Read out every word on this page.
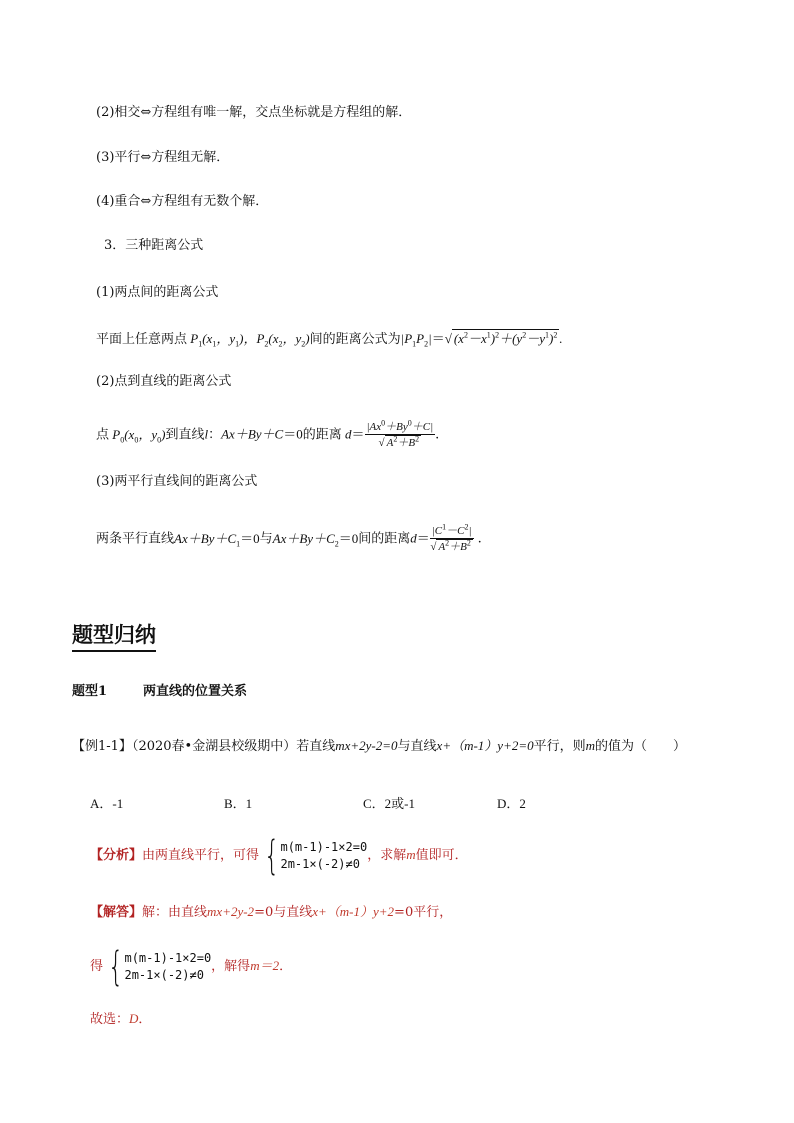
(2)相交⇔方程组有唯一解，交点坐标就是方程组的解．
(3)平行⇔方程组无解．
(4)重合⇔方程组有无数个解．
3．三种距离公式
(1)两点间的距离公式
平面上任意两点 $P_1(x_1$，$y_1$)，$P_2(x_2$，$y_2$)间的距离公式为$|P_1P_2|=√$ $(x^2-x^1)^2+(y^2-y^1)^2$ .
(2)点到直线的距离公式
点 $P_0(x_0$，$y_0$)到直线l：Ax＋By＋C＝0的距离 $d= \frac{|Ax^0+By^0+C|}{√ A^2+B^2}$ .
(3)两平行直线间的距离公式
两条平行直线$Ax+By+C_1=0$与$Ax+By+C_2=0$间的距离$d= \frac{|C^1-C^2|}{√ A^2+B^2}$ .
题型归纳
题型1	两直线的位置关系
【例1-1】（2020春•金湖县校级期中）若直线mx+2y-2=0与直线x+（m-1）y+2=0平行，则m的值为（　　）
A．-1	B．1	C．2或-1	D．2
【分析】由两直线平行，可得 { m(m-1)-1×2=0
2m-1×(-2)≠0
，求解m值即可．
【解答】解：由直线mx+2y-2=0与直线x+（m-1）y+2=0平行，
得 { m(m-1)-1×2=0
2m-1×(-2)≠0
，解得m＝2．
故选：D．
